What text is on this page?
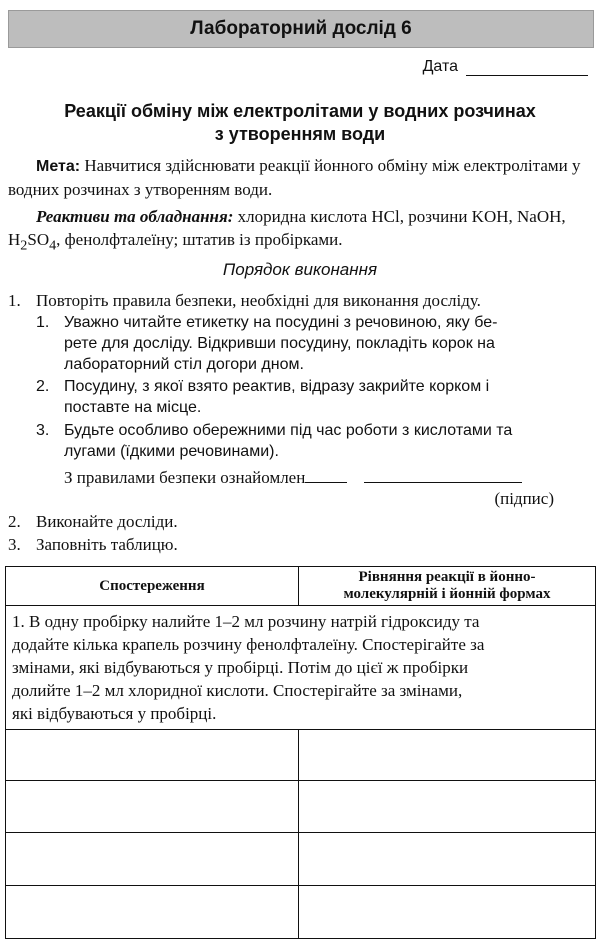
Лабораторний дослід 6
Дата
Реакції обміну між електролітами у водних розчинах
з утворенням води
Мета: Навчитися здійснювати реакції йонного обміну між електролітами у водних розчинах з утворенням води.
Реактиви та обладнання: хлоридна кислота HCl, розчини KOH, NaOH, $H_2SO_4$, фенолфталеїну; штатив із пробірками.
Порядок виконання
1. Повторіть правила безпеки, необхідні для виконання досліду.
1. Уважно читайте етикетку на посудині з речовиною, яку бе-
рете для досліду. Відкривши посудину, покладіть корок на
лабораторний стіл догори дном.
2. Посудину, з якої взято реактив, відразу закрийте корком і
поставте на місце.
3. Будьте особливо обережними під час роботи з кислотами та
лугами (їдкими речовинами).
З правилами безпеки ознайомлен
(підпис)
2. Виконайте досліди.
3. Заповніть таблицю.
Спостереження	Рівняння реакції в йонно-
молекулярній і йонній формах

1. В одну пробірку налийте 1–2 мл розчину натрій гідроксиду та
додайте кілька крапель розчину фенолфталеїну. Спостерігайте за
змінами, які відбуваються у пробірці. Потім до цієї ж пробірки
долийте 1–2 мл хлоридної кислоти. Спостерігайте за змінами,
які відбуваються у пробірці.	
